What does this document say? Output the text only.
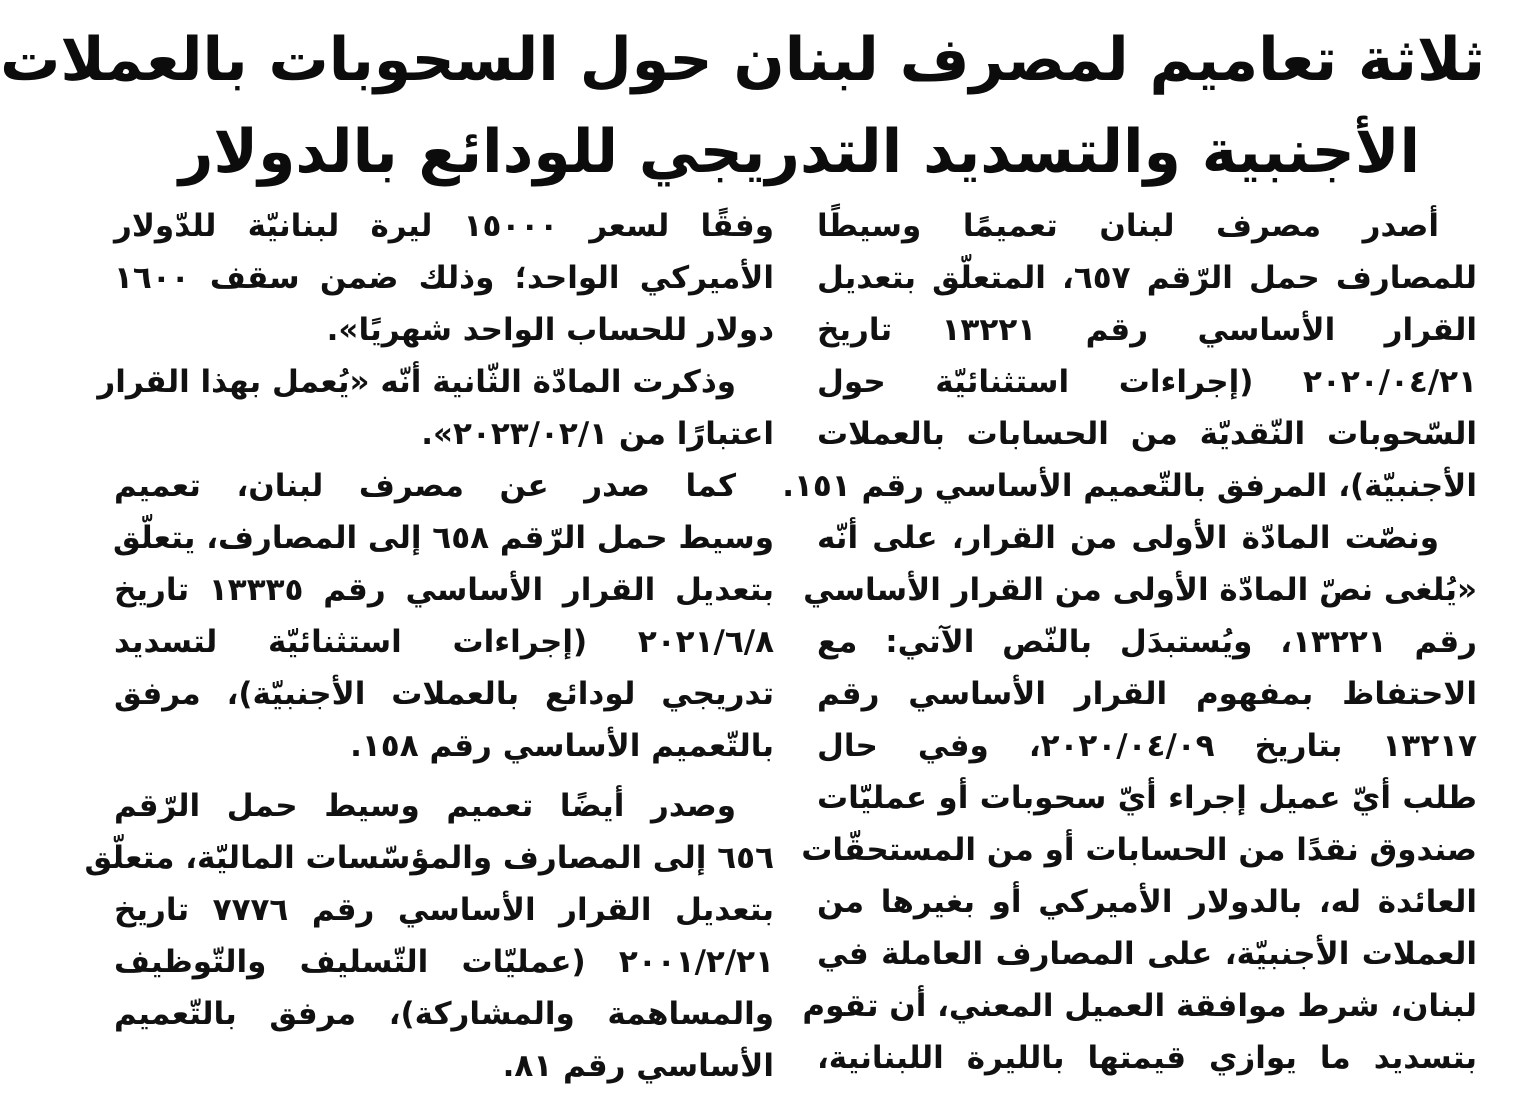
ثلاثة تعاميم لمصرف لبنان حول السحوبات بالعملات
الأجنبية والتسديد التدريجي للودائع بالدولار
أصدر مصرف لبنان تعميمًا وسيطًا
للمصارف حمل الرّقم ٦٥٧، المتعلّق بتعديل
القرار الأساسي رقم ١٣٢٢١ تاريخ
٢٠٢٠/٠٤/٢١ (إجراءات استثنائيّة حول
السّحوبات النّقديّة من الحسابات بالعملات
الأجنبيّة)، المرفق بالتّعميم الأساسي رقم ١٥١.
ونصّت المادّة الأولى من القرار، على أنّه
«يُلغى نصّ المادّة الأولى من القرار الأساسي
رقم ١٣٢٢١، ويُستبدَل بالنّص الآتي: مع
الاحتفاظ بمفهوم القرار الأساسي رقم
١٣٢١٧ بتاريخ ٢٠٢٠/٠٤/٠٩، وفي حال
طلب أيّ عميل إجراء أيّ سحوبات أو عمليّات
صندوق نقدًا من الحسابات أو من المستحقّات
العائدة له، بالدولار الأميركي أو بغيرها من
العملات الأجنبيّة، على المصارف العاملة في
لبنان، شرط موافقة العميل المعني، أن تقوم
بتسديد ما يوازي قيمتها بالليرة اللبنانية،
وفقًا لسعر ١٥٠٠٠ ليرة لبنانيّة للدّولار
الأميركي الواحد؛ وذلك ضمن سقف ١٦٠٠
دولار للحساب الواحد شهريًا».
وذكرت المادّة الثّانية أنّه «يُعمل بهذا القرار
اعتبارًا من ٢٠٢٣/٠٢/١».
كما صدر عن مصرف لبنان، تعميم
وسيط حمل الرّقم ٦٥٨ إلى المصارف، يتعلّق
بتعديل القرار الأساسي رقم ١٣٣٣٥ تاريخ
٢٠٢١/٦/٨ (إجراءات استثنائيّة لتسديد
تدريجي لودائع بالعملات الأجنبيّة)، مرفق
بالتّعميم الأساسي رقم ١٥٨.
وصدر أيضًا تعميم وسيط حمل الرّقم
٦٥٦ إلى المصارف والمؤسّسات الماليّة، متعلّق
بتعديل القرار الأساسي رقم ٧٧٧٦ تاريخ
٢٠٠١/٢/٢١ (عمليّات التّسليف والتّوظيف
والمساهمة والمشاركة)، مرفق بالتّعميم
الأساسي رقم ٨١.
